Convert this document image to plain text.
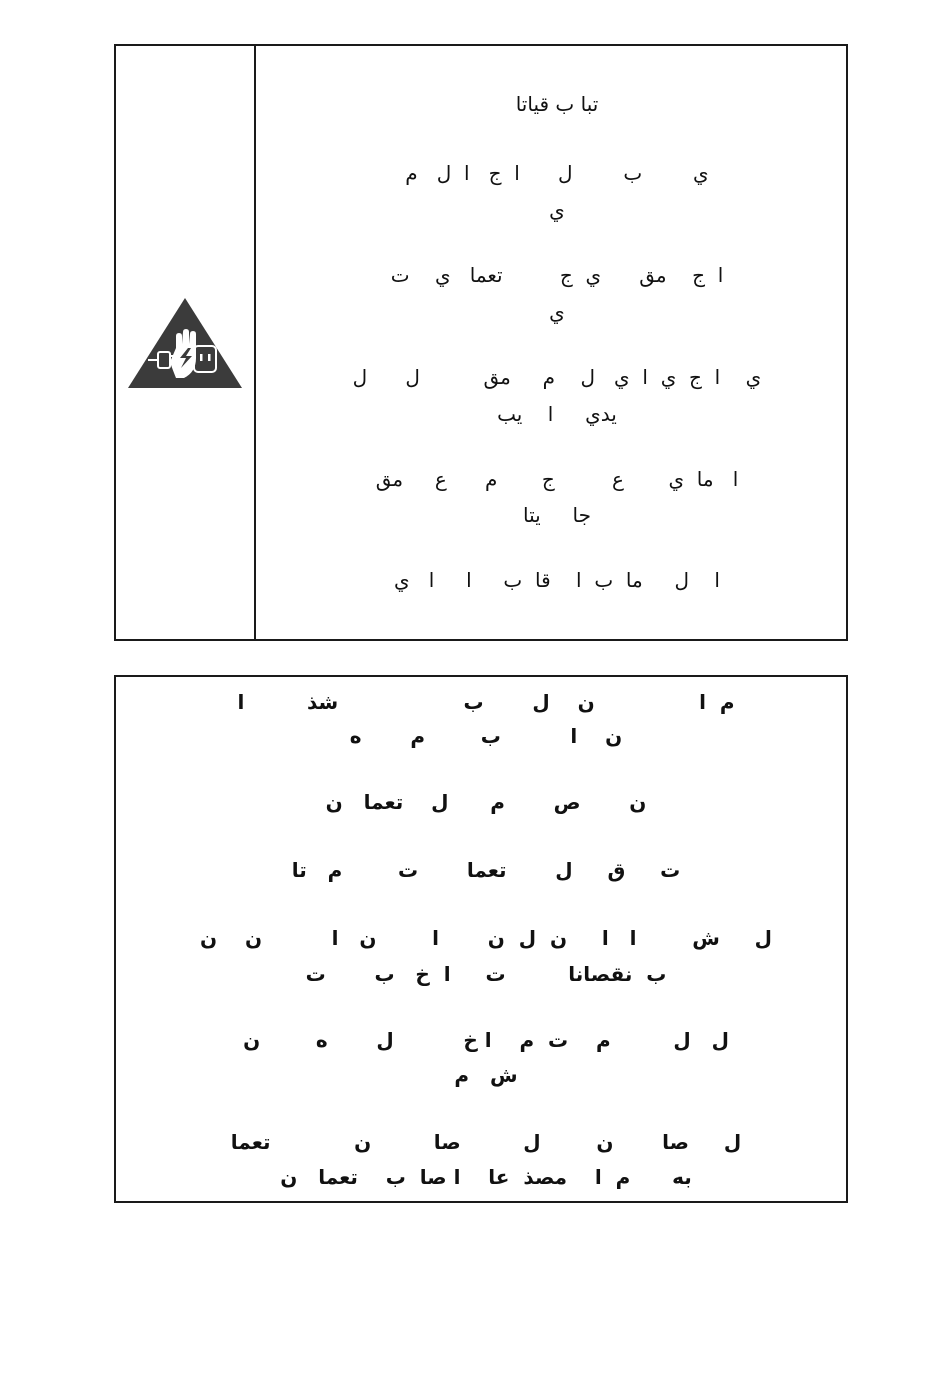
تبا ب قياتا
ي        ب        ل      ا  ج   ا  ل   م
ي
ا  ج    مق      ي  ج         تعما   ي    ت
ي
ي    ا  ج  ي  ا  ي   ل    م     مق          ل      ل
يدي     ا    يب
ا   ما  ي       ع         ج       م      ع     مق
جا     يتا
ا    ل     ما  ب  ا    قا  ب     ا     ا   ي
م  ا               ن    ل       ب                  شذ         ا
ن    ا          ب        م       ه
ن       ص       م      ل    تعما   ن
ت     ق     ل       تعما       ت        م   تا
ل     ش        ا   ا     ن  ل  ن       ا        ن   ا          ن    ن
ب  نقصانا         ت     ا  خ   ب       ت
ل   ل         م    ت  م    ا خ          ل       ه        ن
ش   م
ل     صا       ن        ل         صا         ن            تعما
به      م  ا    مصذ  عا    ا صا  ب    تعما   ن
